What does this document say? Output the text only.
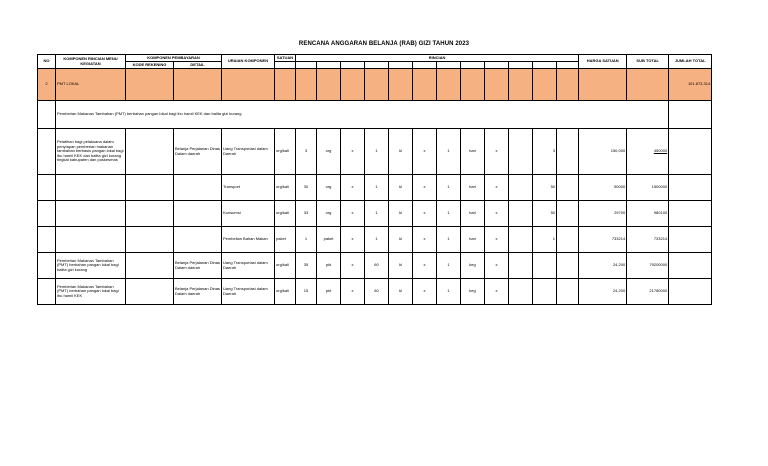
RENCANA ANGGARAN BELANJA (RAB) GIZI TAHUN 2023
NO	KOMPONEN RINCIAN MENU KEGIATAN	KOMPONEN PEMBAYARAN		URAIAN KOMPONEN	SATUAN	RINCIAN												HARGA SATUAN	SUB TOTAL	JUMLAH TOTAL
		KODE REKENING	DETAIL																	
2	PMT LOKAL																			101.873.314
	Pemberian Makanan Tambahan (PMT) berbahan pangan lokal bagi ibu hamil KEK dan balita gizi kurang																			
	Pelatihan bagi pelaksana dalam penyiapan pemberian makanan tambahan berbasis pangan lokal bagi ibu hamil KEK dan balita gizi kurang tingkat kabupaten dan puskesmas		Belanja Perjalanan Dinas Dalam daerah	Uang Transportasi dalam Daerah	org/kali	3	org	x	1	kl	x	1	hari	x		3		150,000	450000	
				Transport	org/kali	30	org	x	1	kl	x	1	hari	x		50		50000	1500000	
				Konsumsi	org/kali	33	org	x	1	kl	x	1	hari	x		50		29700	980100	
				Pembelian Bahan Makan	paket	1	paket	x	1	kl	x	1	hari	x		1		733214	733214	
	Pemberian Makanan Tambahan (PMT) berbahan pangan lokal bagi balita gizi kurang		Belanja Perjalanan Dinas Dalam daerah	Uang Transportasi dalam Daerah	org/kali	35	pkt	x	60	kl	x	1	keg	x				24,200	79200000	
	Pemberian Makanan Tambahan (PMT) berbahan pangan lokal bagi ibu hamil KEK		Belanja Perjalanan Dinas Dalam daerah	Uang Transportasi dalam Daerah	org/kali	15	pkt	x	60	kl	x	1	keg	x				24,200	21780000	
